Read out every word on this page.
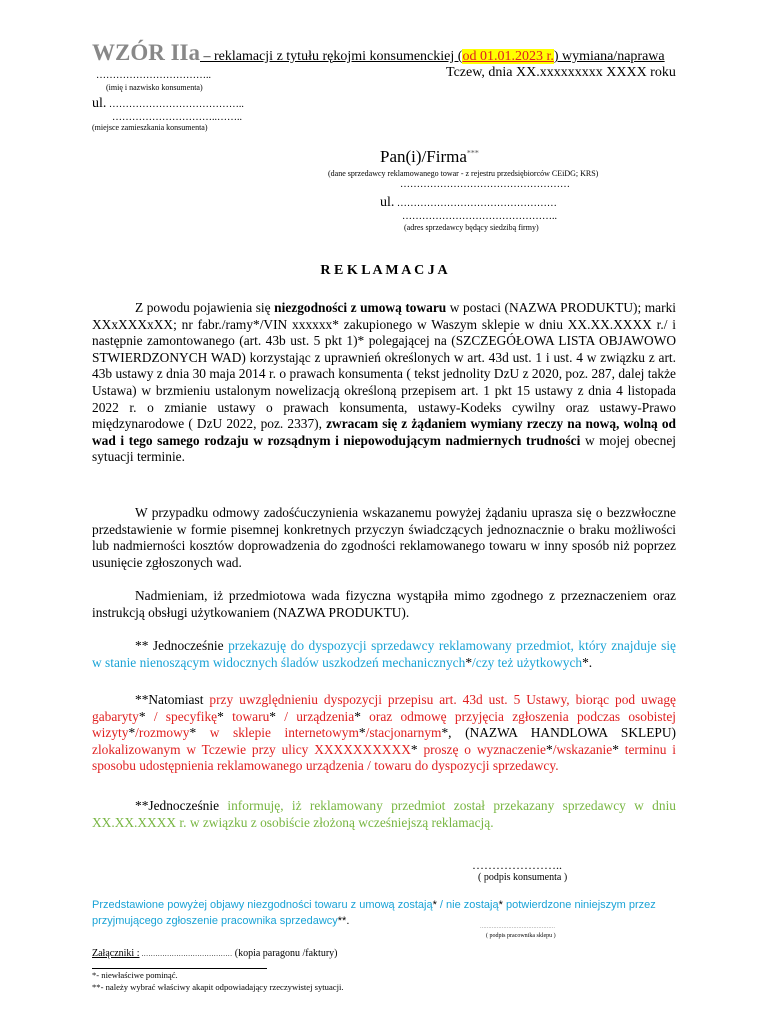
WZÓR IIa – reklamacji z tytułu rękojmi konsumenckiej (od 01.01.2023 r.) wymiana/naprawa
……………………………..	Tczew, dnia XX.xxxxxxxxx XXXX roku
(imię i nazwisko konsumenta)
ul. …………………………………..
…………………………..……..
(miejsce zamieszkania konsumenta)
Pan(i)/Firma***
(dane sprzedawcy reklamowanego towar - z rejestru przedsiębiorców CEiDG; KRS)
……………………………………………
ul. …………………………………………
………………………………………..
(adres sprzedawcy będący siedzibą firmy)
R E K L A M A C J A
Z powodu pojawienia się niezgodności z umową towaru w postaci (NAZWA PRODUKTU); marki XXxXXXxXX; nr fabr./ramy*/VIN xxxxxx* zakupionego w Waszym sklepie w dniu XX.XX.XXXX r./ i następnie zamontowanego (art. 43b ust. 5 pkt 1)* polegającej na (SZCZEGÓŁOWA LISTA OBJAWOWO STWIERDZONYCH WAD) korzystając z uprawnień określonych w art. 43d ust. 1 i ust. 4 w związku z art. 43b ustawy z dnia 30 maja 2014 r. o prawach konsumenta ( tekst jednolity DzU z 2020, poz. 287, dalej także Ustawa) w brzmieniu ustalonym nowelizacją określoną przepisem art. 1 pkt 15 ustawy z dnia 4 listopada 2022 r. o zmianie ustawy o prawach konsumenta, ustawy-Kodeks cywilny oraz ustawy-Prawo międzynarodowe ( DzU 2022, poz. 2337), zwracam się z żądaniem wymiany rzeczy na nową, wolną od wad i tego samego rodzaju w rozsądnym i niepowodującym nadmiernych trudności w mojej obecnej sytuacji terminie.
W przypadku odmowy zadośćuczynienia wskazanemu powyżej żądaniu uprasza się o bezzwłoczne przedstawienie w formie pisemnej konkretnych przyczyn świadczących jednoznacznie o braku możliwości lub nadmierności kosztów doprowadzenia do zgodności reklamowanego towaru w inny sposób niż poprzez usunięcie zgłoszonych wad.
Nadmieniam, iż przedmiotowa wada fizyczna wystąpiła mimo zgodnego z przeznaczeniem oraz instrukcją obsługi użytkowaniem (NAZWA PRODUKTU).
** Jednocześnie przekazuję do dyspozycji sprzedawcy reklamowany przedmiot, który znajduje się w stanie nienoszącym widocznych śladów uszkodzeń mechanicznych*/czy też użytkowych*.
**Natomiast przy uwzględnieniu dyspozycji przepisu art. 43d ust. 5 Ustawy, biorąc pod uwagę gabaryty* / specyfikę* towaru* / urządzenia* oraz odmowę przyjęcia zgłoszenia podczas osobistej wizyty*/rozmowy* w sklepie internetowym*/stacjonarnym*, (NAZWA HANDLOWA SKLEPU) zlokalizowanym w Tczewie przy ulicy XXXXXXXXXX* proszę o wyznaczenie*/wskazanie* terminu i sposobu udostępnienia reklamowanego urządzenia / towaru do dyspozycji sprzedawcy.
**Jednocześnie informuję, iż reklamowany przedmiot został przekazany sprzedawcy w dniu XX.XX.XXXX r. w związku z osobiście złożoną wcześniejszą reklamacją.
…………………..
( podpis konsumenta )
Przedstawione powyżej objawy niezgodności towaru z umową zostają* / nie zostają* potwierdzone niniejszym przez przyjmującego zgłoszenie pracownika sprzedawcy**.
………………………………………
( podpis pracownika sklepu )
Załączniki : ………………………………… (kopia paragonu /faktury)
*- niewłaściwe pominąć.
**- należy wybrać właściwy akapit odpowiadający rzeczywistej sytuacji.
